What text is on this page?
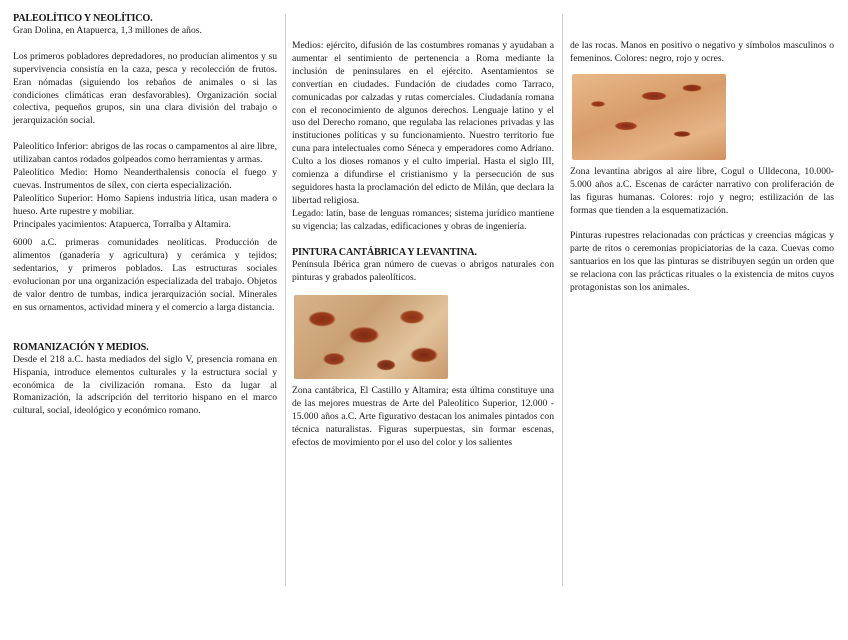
PALEOLÍTICO Y NEOLÍTICO.

Gran Dolina, en Atapuerca, 1,3 millones de años.

Los primeros pobladores depredadores, no producían alimentos y su supervivencia consistía en la caza, pesca y recolección de frutos. Eran nómadas (siguiendo los rebaños de animales o si las condiciones climáticas eran desfavorables). Organización social colectiva, pequeños grupos, sin una clara división del trabajo o jerarquización social.

Paleolítico Inferior: abrigos de las rocas o campamentos al aire libre, utilizaban cantos rodados golpeados como herramientas y armas.

Paleolítico Medio: Homo Neanderthalensis conocía el fuego y cuevas. Instrumentos de sílex, con cierta especialización.

Paleolítico Superior: Homo Sapiens industria lítica, usan madera o hueso. Arte rupestre y mobiliar.

Principales yacimientos: Atapuerca, Torralba y Altamira.

6000 a.C. primeras comunidades neolíticas. Producción de alimentos (ganadería y agricultura) y cerámica y tejidos; sedentarios, y primeros poblados. Las estructuras sociales evolucionan por una organización especializada del trabajo. Objetos de valor dentro de tumbas, indica jerarquización social. Minerales en sus ornamentos, actividad minera y el comercio a larga distancia.

ROMANIZACIÓN Y MEDIOS.

Desde el 218 a.C. hasta mediados del siglo V, presencia romana en Hispania, introduce elementos culturales y la estructura social y económica de la civilización romana. Esto da lugar al Romanización, la adscripción del territorio hispano en el marco cultural, social, ideológico y económico romano.

Medios: ejército, difusión de las costumbres romanas y ayudaban a aumentar el sentimiento de pertenencia a Roma mediante la inclusión de peninsulares en el ejército. Asentamientos se convertían en ciudades. Fundación de ciudades como Tarraco, comunicadas por calzadas y rutas comerciales. Ciudadanía romana con el reconocimiento de algunos derechos. Lenguaje latino y el uso del Derecho romano, que regulaba las relaciones privadas y las instituciones políticas y su funcionamiento. Nuestro territorio fue cuna para intelectuales como Séneca y emperadores como Adriano. Culto a los dioses romanos y el culto imperial. Hasta el siglo III, comienza a difundirse el cristianismo y la persecución de sus seguidores hasta la proclamación del edicto de Milán, que declara la libertad religiosa.

Legado: latín, base de lenguas romances; sistema jurídico mantiene su vigencia; las calzadas, edificaciones y obras de ingeniería.

PINTURA CANTÁBRICA Y LEVANTINA.

Península Ibérica gran número de cuevas o abrigos naturales con pinturas y grabados paleolíticos.

Zona cantábrica, El Castillo y Altamira; esta última constituye una de las mejores muestras de Arte del Paleolítico Superior, 12.000 - 15.000 años a.C. Arte figurativo destacan los animales pintados con técnica naturalistas. Figuras superpuestas, sin formar escenas, efectos de movimiento por el uso del color y los salientes

de las rocas. Manos en positivo o negativo y símbolos masculinos o femeninos. Colores: negro, rojo y ocres.

Zona levantina abrigos al aire libre, Cogul o Ulldecona, 10.000-5.000 años a.C. Escenas de carácter narrativo con proliferación de las figuras humanas. Colores: rojo y negro; estilización de las formas que tienden a la esquematización.

Pinturas rupestres relacionadas con prácticas y creencias mágicas y parte de ritos o ceremonias propiciatorias de la caza. Cuevas como santuarios en los que las pinturas se distribuyen según un orden que se relaciona con las prácticas rituales o la existencia de mitos cuyos protagonistas son los animales.
